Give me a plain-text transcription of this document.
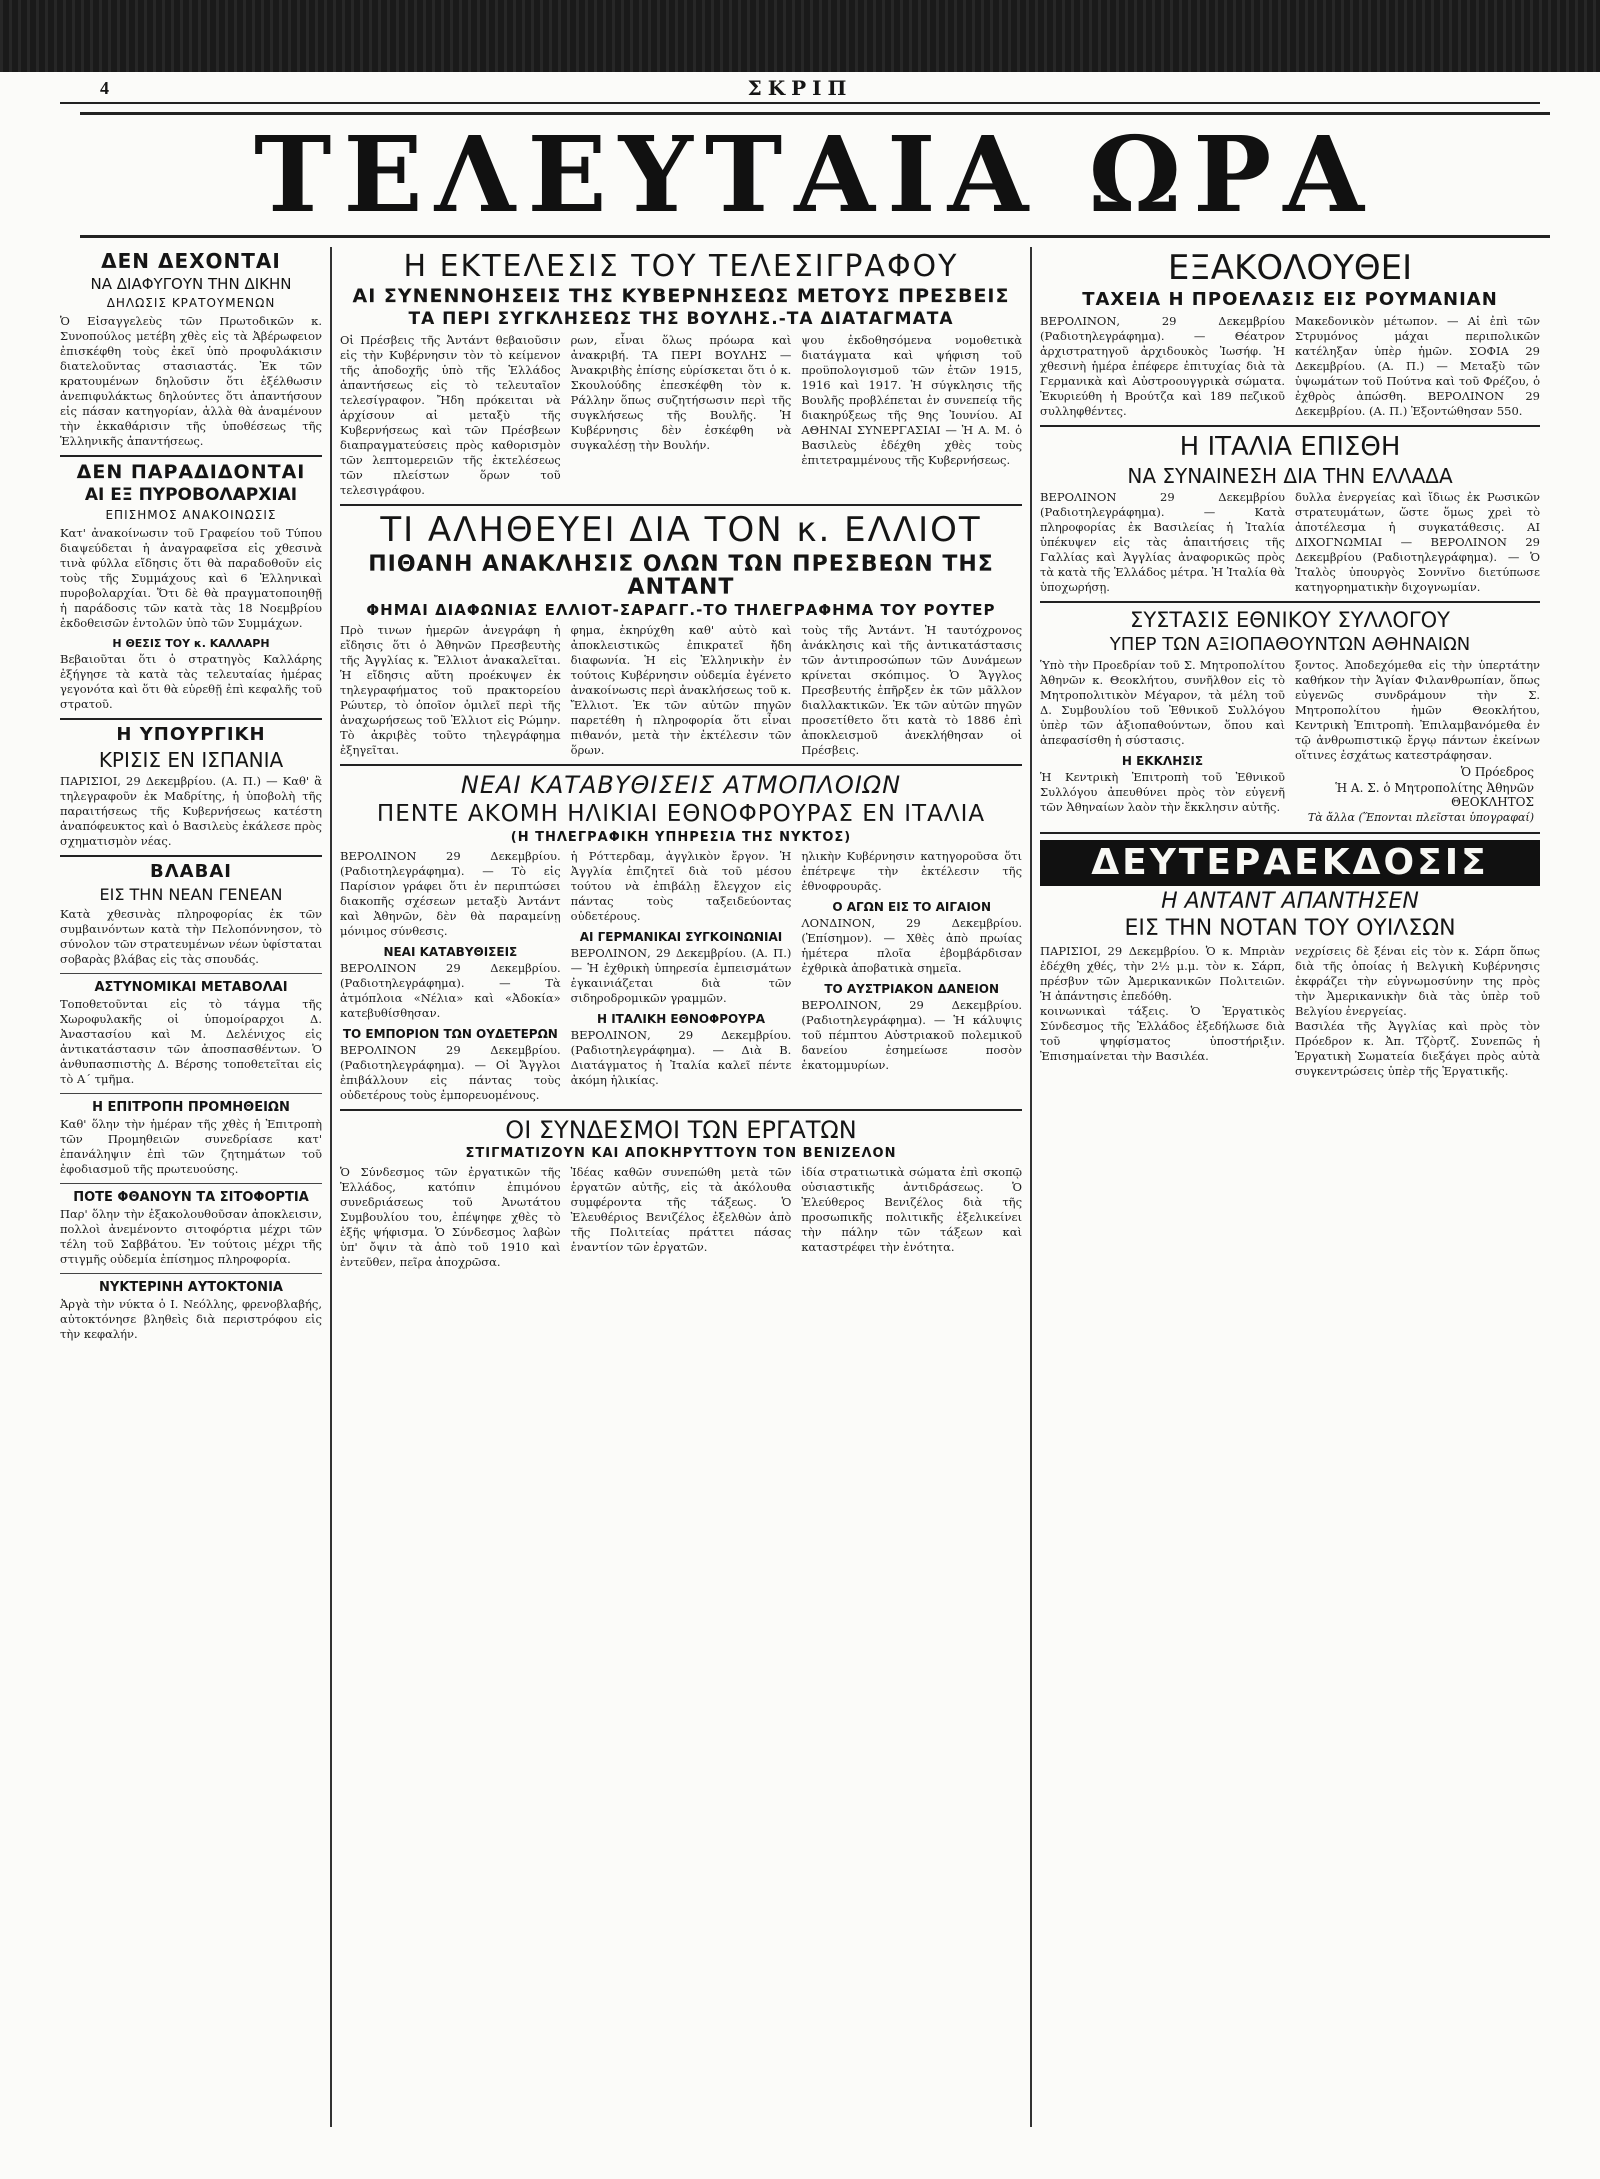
4	ΣΚΡΙΠ
ΤΕΛΕΥΤΑΙΑ ΩΡΑ
ΔΕΝ ΔΕΧΟΝΤΑΙ
ΝΑ ΔΙΑΦΥΓΟΥΝ ΤΗΝ ΔΙΚΗΝ
ΔΗΛΩΣΙΣ ΚΡΑΤΟΥΜΕΝΩΝ

Ὁ Εἰσαγγελεὺς τῶν Πρωτοδικῶν κ. Συνοπούλος μετέβη χθὲς εἰς τὰ Ἀβέρωφειον ἐπισκέφθη τοὺς ἐκεῖ ὑπὸ προφυλάκισιν διατελοῦντας στασιαστάς. Ἐκ τῶν κρατουμένων δηλοῦσιν ὅτι ἐξέλθωσιν ἀνεπιφυλάκτως δηλούντες ὅτι ἀπαντήσουν εἰς πάσαν κατηγορίαν, ἀλλὰ θὰ ἀναμένουν τὴν ἐκκαθάρισιν τῆς ὑποθέσεως τῆς Ἑλληνικῆς ἀπαντήσεως.

ΔΕΝ ΠΑΡΑΔΙΔΟΝΤΑΙ
ΑΙ ΕΞ ΠΥΡΟΒΟΛΑΡΧΙΑΙ
ΕΠΙΣΗΜΟΣ ΑΝΑΚΟΙΝΩΣΙΣ

Κατ' ἀνακοίνωσιν τοῦ Γραφείου τοῦ Τύπου διαψεύδεται ἡ ἀναγραφεῖσα εἰς χθεσινὰ τινὰ φύλλα εἴδησις ὅτι θὰ παραδοθοῦν εἰς τοὺς τῆς Συμμάχους καὶ 6 Ἑλληνικαὶ πυροβολαρχίαι. Ὅτι δὲ θὰ πραγματοποιηθῇ ἡ παράδοσις τῶν κατὰ τὰς 18 Νοεμβρίου ἐκδοθεισῶν ἐντολῶν ὑπὸ τῶν Συμμάχων.

Η ΘΕΣΙΣ ΤΟΥ κ. ΚΑΛΛΑΡΗ

Βεβαιοῦται ὅτι ὁ στρατηγὸς Καλλάρης ἐξήγησε τὰ κατὰ τὰς τελευταίας ἡμέρας γεγονότα καὶ ὅτι θὰ εὑρεθῇ ἐπὶ κεφαλῆς τοῦ στρατοῦ.

Η ΥΠΟΥΡΓΙΚΗ
ΚΡΙΣΙΣ ΕΝ ΙΣΠΑΝΙΑ

ΠΑΡΙΣΙΟΙ, 29 Δεκεμβρίου. (Α. Π.) — Καθ' ἃ τηλεγραφοῦν ἐκ Μαδρίτης, ἡ ὑποβολὴ τῆς παραιτήσεως τῆς Κυβερνήσεως κατέστη ἀναπόφευκτος καὶ ὁ Βασιλεὺς ἐκάλεσε πρὸς σχηματισμὸν νέας.

ΒΛΑΒΑΙ
ΕΙΣ ΤΗΝ ΝΕΑΝ ΓΕΝΕΑΝ

Κατὰ χθεσινὰς πληροφορίας ἐκ τῶν συμβαινόντων κατὰ τὴν Πελοπόννησον, τὸ σύνολον τῶν στρατευμένων νέων ὑφίσταται σοβαρὰς βλάβας εἰς τὰς σπουδάς.

ΑΣΤΥΝΟΜΙΚΑΙ ΜΕΤΑΒΟΛΑΙ

Τοποθετοῦνται εἰς τὸ τάγμα τῆς Χωροφυλακῆς οἱ ὑπομοίραρχοι Δ. Ἀναστασίου καὶ Μ. Δελένιχος εἰς ἀντικατάστασιν τῶν ἀποσπασθέντων. Ὁ ἀνθυπασπιστὴς Δ. Βέρσης τοποθετεῖται εἰς τὸ Α΄ τμῆμα.

Η ΕΠΙΤΡΟΠΗ ΠΡΟΜΗΘΕΙΩΝ

Καθ' ὅλην τὴν ἡμέραν τῆς χθὲς ἡ Ἐπιτροπὴ τῶν Προμηθειῶν συνεδρίασε κατ' ἐπανάληψιν ἐπὶ τῶν ζητημάτων τοῦ ἐφοδιασμοῦ τῆς πρωτευούσης.

ΠΟΤΕ ΦΘΑΝΟΥΝ ΤΑ ΣΙΤΟΦΟΡΤΙΑ

Παρ' ὅλην τὴν ἐξακολουθοῦσαν ἀποκλεισιν, πολλοὶ ἀνεμένοντο σιτοφόρτια μέχρι τῶν τέλη τοῦ Σαββάτου. Ἐν τούτοις μέχρι τῆς στιγμῆς οὐδεμία ἐπίσημος πληροφορία.

ΝΥΚΤΕΡΙΝΗ ΑΥΤΟΚΤΟΝΙΑ

Ἀργὰ τὴν νύκτα ὁ Ι. Νεόλλης, φρενοβλαβής, αὐτοκτόνησε βληθεὶς διὰ περιστρόφου εἰς τὴν κεφαλήν.

Η ΕΚΤΕΛΕΣΙΣ ΤΟΥ ΤΕΛΕΣΙΓΡΑΦΟΥ
ΑΙ ΣΥΝΕΝΝΟΗΣΕΙΣ ΤΗΣ ΚΥΒΕΡΝΗΣΕΩΣ ΜΕΤΟΥΣ ΠΡΕΣΒΕΙΣ
ΤΑ ΠΕΡΙ ΣΥΓΚΛΗΣΕΩΣ ΤΗΣ ΒΟΥΛΗΣ.-ΤΑ ΔΙΑΤΑΓΜΑΤΑ

Οἱ Πρέσβεις τῆς Ἀντάντ θεβαιοῦσιν εἰς τὴν Κυβέρνησιν τὸν τὸ κείμενον τῆς ἀποδοχῆς ὑπὸ τῆς Ἑλλάδος ἀπαντήσεως εἰς τὸ τελευταῖον τελεσίγραφον. Ἤδη πρόκειται νὰ ἀρχίσουν αἱ μεταξὺ τῆς Κυβερνήσεως καὶ τῶν Πρέσβεων διαπραγματεύσεις πρὸς καθορισμὸν τῶν λεπτομερειῶν τῆς ἐκτελέσεως τῶν πλείστων ὅρων τοῦ τελεσιγράφου.

ρων, εἶναι ὅλως πρόωρα καὶ ἀνακριβή. ΤΑ ΠΕΡΙ ΒΟΥΛΗΣ — Ἀνακριβὴς ἐπίσης εὑρίσκεται ὅτι ὁ κ. Σκουλούδης ἐπεσκέφθη τὸν κ. Ράλλην ὅπως συζητήσωσιν περὶ τῆς συγκλήσεως τῆς Βουλῆς. Ἡ Κυβέρνησις δὲν ἐσκέφθη νὰ συγκαλέσῃ τὴν Βουλήν.

ψου ἐκδοθησόμενα νομοθετικὰ διατάγματα καὶ ψήφιση τοῦ προϋπολογισμοῦ τῶν ἐτῶν 1915, 1916 καὶ 1917. Ἡ σύγκλησις τῆς Βουλῆς προβλέπεται ἐν συνεπείᾳ τῆς διακηρύξεως τῆς 9ης Ἰουνίου. ΑΙ ΑΘΗΝΑΙ ΣΥΝΕΡΓΑΣΙΑΙ — Ἡ Α. Μ. ὁ Βασιλεὺς ἐδέχθη χθὲς τοὺς ἐπιτετραμμένους τῆς Κυβερνήσεως.

ΤΙ ΑΛΗΘΕΥΕΙ ΔΙΑ ΤΟΝ κ. ΕΛΛΙΟΤ
ΠΙΘΑΝΗ ΑΝΑΚΛΗΣΙΣ ΟΛΩΝ ΤΩΝ ΠΡΕΣΒΕΩΝ ΤΗΣ ΑΝΤΑΝΤ
ΦΗΜΑΙ ΔΙΑΦΩΝΙΑΣ ΕΛΛΙΟΤ-ΣΑΡΑΓΓ.-ΤΟ ΤΗΛΕΓΡΑΦΗΜΑ ΤΟΥ ΡΟΥΤΕΡ

Πρὸ τινων ἡμερῶν ἀνεγράφη ἡ εἴδησις ὅτι ὁ Ἀθηνῶν Πρεσβευτὴς τῆς Ἀγγλίας κ. Ἔλλιοτ ἀνακαλεῖται. Ἡ εἴδησις αὕτη προέκυψεν ἐκ τηλεγραφήματος τοῦ πρακτορείου Ρώυτερ, τὸ ὁποῖον ὁμιλεῖ περὶ τῆς ἀναχωρήσεως τοῦ Ἐλλιοτ εἰς Ρώμην. Τὸ ἀκριβὲς τοῦτο τηλεγράφημα ἐξηγεῖται.

φημα, ἐκηρύχθη καθ' αὐτὸ καὶ ἀποκλειστικῶς ἐπικρατεῖ ἤδη διαφωνία. Ἡ εἰς Ἑλληνικὴν ἐν τούτοις Κυβέρνησιν οὐδεμία ἐγένετο ἀνακοίνωσις περὶ ἀνακλήσεως τοῦ κ. Ἔλλιοτ. Ἐκ τῶν αὐτῶν πηγῶν παρετέθη ἡ πληροφορία ὅτι εἶναι πιθανόν, μετὰ τὴν ἐκτέλεσιν τῶν ὅρων.

τοὺς τῆς Ἀντάντ. Ἡ ταυτόχρονος ἀνάκλησις καὶ τῆς ἀντικατάστασις τῶν ἀντιπροσώπων τῶν Δυνάμεων κρίνεται σκόπιμος. Ὁ Ἄγγλος Πρεσβευτής ἐπῆρξεν ἐκ τῶν μᾶλλον διαλλακτικῶν. Ἐκ τῶν αὐτῶν πηγῶν προσετίθετο ὅτι κατὰ τὸ 1886 ἐπὶ ἀποκλεισμοῦ ἀνεκλήθησαν οἱ Πρέσβεις.

ΝΕΑΙ ΚΑΤΑΒΥΘΙΣΕΙΣ ΑΤΜΟΠΛΟΙΩΝ
ΠΕΝΤΕ ΑΚΟΜΗ ΗΛΙΚΙΑΙ ΕΘΝΟΦΡΟΥΡΑΣ ΕΝ ΙΤΑΛΙΑ
(Η ΤΗΛΕΓΡΑΦΙΚΗ ΥΠΗΡΕΣΙΑ ΤΗΣ ΝΥΚΤΟΣ)

ΒΕΡΟΛΙΝΟΝ 29 Δεκεμβρίου. (Ραδιοτηλεγράφημα). — Τὸ εἰς Παρίσιον γράφει ὅτι ἐν περιπτώσει διακοπῆς σχέσεων μεταξὺ Ἀντάντ καὶ Ἀθηνῶν, δὲν θὰ παραμείνῃ μόνιμος σύνθεσις.

ΝΕΑΙ ΚΑΤΑΒΥΘΙΣΕΙΣ

ΒΕΡΟΛΙΝΟΝ 29 Δεκεμβρίου. (Ραδιοτηλεγράφημα). — Τὰ ἀτμόπλοια «Νέλια» καὶ «Ἀδοκία» κατεβυθίσθησαν.

ΤΟ ΕΜΠΟΡΙΟΝ ΤΩΝ ΟΥΔΕΤΕΡΩΝ

ΒΕΡΟΛΙΝΟΝ 29 Δεκεμβρίου. (Ραδιοτηλεγράφημα). — Οἱ Ἄγγλοι ἐπιβάλλουν εἰς πάντας τοὺς οὐδετέρους τοὺς ἐμπορευομένους.

ἡ Ρόττερδαμ, ἀγγλικὸν ἔργον. Ἡ Ἀγγλία ἐπιζητεῖ διὰ τοῦ μέσου τούτου νὰ ἐπιβάλῃ ἔλεγχον εἰς πάντας τοὺς ταξειδεύοντας οὐδετέρους.

ΑΙ ΓΕΡΜΑΝΙΚΑΙ ΣΥΓΚΟΙΝΩΝΙΑΙ

ΒΕΡΟΛΙΝΟΝ, 29 Δεκεμβρίου. (Α. Π.) — Ἡ ἐχθρικὴ ὑπηρεσία ἐμπεισμάτων ἐγκαινιάζεται διὰ τῶν σιδηροδρομικῶν γραμμῶν.

Η ΙΤΑΛΙΚΗ ΕΘΝΟΦΡΟΥΡΑ

ΒΕΡΟΛΙΝΟΝ, 29 Δεκεμβρίου. (Ραδιοτηλεγράφημα). — Διὰ Β. Διατάγματος ἡ Ἰταλία καλεῖ πέντε ἀκόμη ἡλικίας.

ηλικὴν Κυβέρνησιν κατηγοροῦσα ὅτι ἐπέτρεψε τὴν ἐκτέλεσιν τῆς ἐθνοφρουρᾶς.

Ο ΑΓΩΝ ΕΙΣ ΤΟ ΑΙΓΑΙΟΝ

ΛΟΝΔΙΝΟΝ, 29 Δεκεμβρίου. (Ἐπίσημον). — Χθὲς ἀπὸ πρωίας ἡμέτερα πλοῖα ἐβομβάρδισαν ἐχθρικὰ ἀποβατικὰ σημεῖα.

ΤΟ ΑΥΣΤΡΙΑΚΟΝ ΔΑΝΕΙΟΝ

ΒΕΡΟΛΙΝΟΝ, 29 Δεκεμβρίου. (Ραδιοτηλεγράφημα). — Ἡ κάλυψις τοῦ πέμπτου Αὐστριακοῦ πολεμικοῦ δανείου ἐσημείωσε ποσὸν ἑκατομμυρίων.

ΟΙ ΣΥΝΔΕΣΜΟΙ ΤΩΝ ΕΡΓΑΤΩΝ
ΣΤΙΓΜΑΤΙΖΟΥΝ ΚΑΙ ΑΠΟΚΗΡΥΤΤΟΥΝ ΤΟΝ ΒΕΝΙΖΕΛΟΝ

Ὁ Σύνδεσμος τῶν ἐργατικῶν τῆς Ἑλλάδος, κατόπιν ἐπιμόνου συνεδριάσεως τοῦ Ἀνωτάτου Συμβουλίου του, ἐπέψηφε χθὲς τὸ ἑξῆς ψήφισμα. Ὁ Σύνδεσμος λαβὼν ὑπ' ὄψιν τὰ ἀπὸ τοῦ 1910 καὶ ἐντεῦθεν, πεῖρα ἀποχρῶσα.

Ἰδέας καθῶν συνεπώθη μετὰ τῶν ἐργατῶν αὐτῆς, εἰς τὰ ἀκόλουθα συμφέροντα τῆς τάξεως. Ὁ Ἐλευθέριος Βενιζέλος ἐξελθὼν ἀπὸ τῆς Πολιτείας πράττει πάσας ἐναντίον τῶν ἐργατῶν.

ἰδία στρατιωτικὰ σώματα ἐπὶ σκοπῷ οὐσιαστικῆς ἀντιδράσεως. Ὁ Ἐλεύθερος Βενιζέλος διὰ τῆς προσωπικῆς πολιτικῆς ἐξελικείνει τὴν πάλην τῶν τάξεων καὶ καταστρέφει τὴν ἐνότητα.

ΕΞΑΚΟΛΟΥΘΕΙ
ΤΑΧΕΙΑ Η ΠΡΟΕΛΑΣΙΣ ΕΙΣ ΡΟΥΜΑΝΙΑΝ

ΒΕΡΟΛΙΝΟΝ, 29 Δεκεμβρίου (Ραδιοτηλεγράφημα). — Θέατρον ἀρχιστρατηγοῦ ἀρχιδουκὸς Ἰωσήφ. Ἡ χθεσινὴ ἡμέρα ἐπέφερε ἐπιτυχίας διὰ τὰ Γερμανικὰ καὶ Αὐστροουγγρικὰ σώματα. Ἐκυριεύθη ἡ Βρούτζα καὶ 189 πεζικοῦ συλληφθέντες.

Μακεδονικὸν μέτωπον. — Αἱ ἐπὶ τῶν Στρυμόνος μάχαι περιπολικῶν κατέληξαν ὑπὲρ ἡμῶν. ΣΟΦΙΑ 29 Δεκεμβρίου. (Α. Π.) — Μεταξὺ τῶν ὑψωμάτων τοῦ Πούτνα καὶ τοῦ Φρέζου, ὁ ἐχθρὸς ἀπώσθη. ΒΕΡΟΛΙΝΟΝ 29 Δεκεμβρίου. (Α. Π.) Ἐξοντώθησαν 550.

Η ΙΤΑΛΙΑ ΕΠΙΣΘΗ
ΝΑ ΣΥΝΑΙΝΕΣΗ ΔΙΑ ΤΗΝ ΕΛΛΑΔΑ

ΒΕΡΟΛΙΝΟΝ 29 Δεκεμβρίου (Ραδιοτηλεγράφημα). — Κατὰ πληροφορίας ἐκ Βασιλείας ἡ Ἰταλία ὑπέκυψεν εἰς τὰς ἀπαιτήσεις τῆς Γαλλίας καὶ Ἀγγλίας ἀναφορικῶς πρὸς τὰ κατὰ τῆς Ἑλλάδος μέτρα. Ἡ Ἰταλία θὰ ὑποχωρήσῃ.

δυλλα ἐνεργείας καὶ ἴδιως ἐκ Ρωσικῶν στρατευμάτων, ὥστε ὅμως χρεὶ τὸ ἀποτέλεσμα ἡ συγκατάθεσις. ΑΙ ΔΙΧΟΓΝΩΜΙΑΙ — ΒΕΡΟΛΙΝΟΝ 29 Δεκεμβρίου (Ραδιοτηλεγράφημα). — Ὁ Ἰταλὸς ὑπουργὸς Σοννῖνο διετύπωσε κατηγορηματικὴν διχογνωμίαν.

ΣΥΣΤΑΣΙΣ ΕΘΝΙΚΟΥ ΣΥΛΛΟΓΟΥ
ΥΠΕΡ ΤΩΝ ΑΞΙΟΠΑΘΟΥΝΤΩΝ ΑΘΗΝΑΙΩΝ

Ὑπὸ τὴν Προεδρίαν τοῦ Σ. Μητροπολίτου Ἀθηνῶν κ. Θεοκλήτου, συνῆλθον εἰς τὸ Μητροπολιτικὸν Μέγαρον, τὰ μέλη τοῦ Δ. Συμβουλίου τοῦ Ἐθνικοῦ Συλλόγου ὑπὲρ τῶν ἀξιοπαθούντων, ὅπου καὶ ἀπεφασίσθη ἡ σύστασις.

Η ΕΚΚΛΗΣΙΣ

Ἡ Κεντρικὴ Ἐπιτροπὴ τοῦ Ἐθνικοῦ Συλλόγου ἀπευθύνει πρὸς τὸν εὐγενῆ τῶν Ἀθηναίων λαὸν τὴν ἔκκλησιν αὐτῆς.

ξοντος. Ἀποδεχόμεθα εἰς τὴν ὑπερτάτην καθήκον τὴν Ἁγίαν Φιλανθρωπίαν, ὅπως εὐγενῶς συνδράμουν τὴν Σ. Μητροπολίτου ἡμῶν Θεοκλήτου, Κεντρικὴ Ἐπιτροπὴ. Ἐπιλαμβανόμεθα ἐν τῷ ἀνθρωπιστικῷ ἔργῳ πάντων ἐκείνων οἵτινες ἐσχάτως κατεστράφησαν.

Ὁ Πρόεδρος
Ἡ Α. Σ. ὁ Μητροπολίτης Ἀθηνῶν ΘΕΟΚΛΗΤΟΣ
Τὰ ἄλλα (Ἕπονται πλεῖσται ὑπογραφαί)
ΔΕΥΤΕΡΑΕΚΔΟΣΙΣ
Η ΑΝΤΑΝΤ ΑΠΑΝΤΗΣΕΝ
ΕΙΣ ΤΗΝ ΝΟΤΑΝ ΤΟΥ ΟΥΙΛΣΩΝ

ΠΑΡΙΣΙΟΙ, 29 Δεκεμβρίου. Ὁ κ. Μπριὰν ἐδέχθη χθές, τὴν 2½ μ.μ. τὸν κ. Σάρπ, πρέσβυν τῶν Ἀμερικανικῶν Πολιτειῶν. Ἡ ἀπάντησις ἐπεδόθη.

κοινωνικαὶ τάξεις. Ὁ Ἐργατικὸς Σύνδεσμος τῆς Ἑλλάδος ἐξεδήλωσε διὰ τοῦ ψηφίσματος ὑποστήριξιν. Ἐπισημαίνεται τὴν Βασιλέα.

νεχρίσεις δὲ ξέναι εἰς τὸν κ. Σάρπ ὅπως διὰ τῆς ὁποίας ἡ Βελγικὴ Κυβέρνησις ἐκφράζει τὴν εὐγνωμοσύνην της πρὸς τὴν Ἀμερικανικὴν διὰ τὰς ὑπὲρ τοῦ Βελγίου ἐνεργείας.

Βασιλέα τῆς Ἀγγλίας καὶ πρὸς τὸν Πρόεδρον κ. Ἀπ. Τζὸρτζ. Συνεπῶς ἡ Ἑργατικὴ Σωματεία διεξάγει πρὸς αὐτὰ συγκεντρώσεις ὑπὲρ τῆς Ἑργατικῆς.
